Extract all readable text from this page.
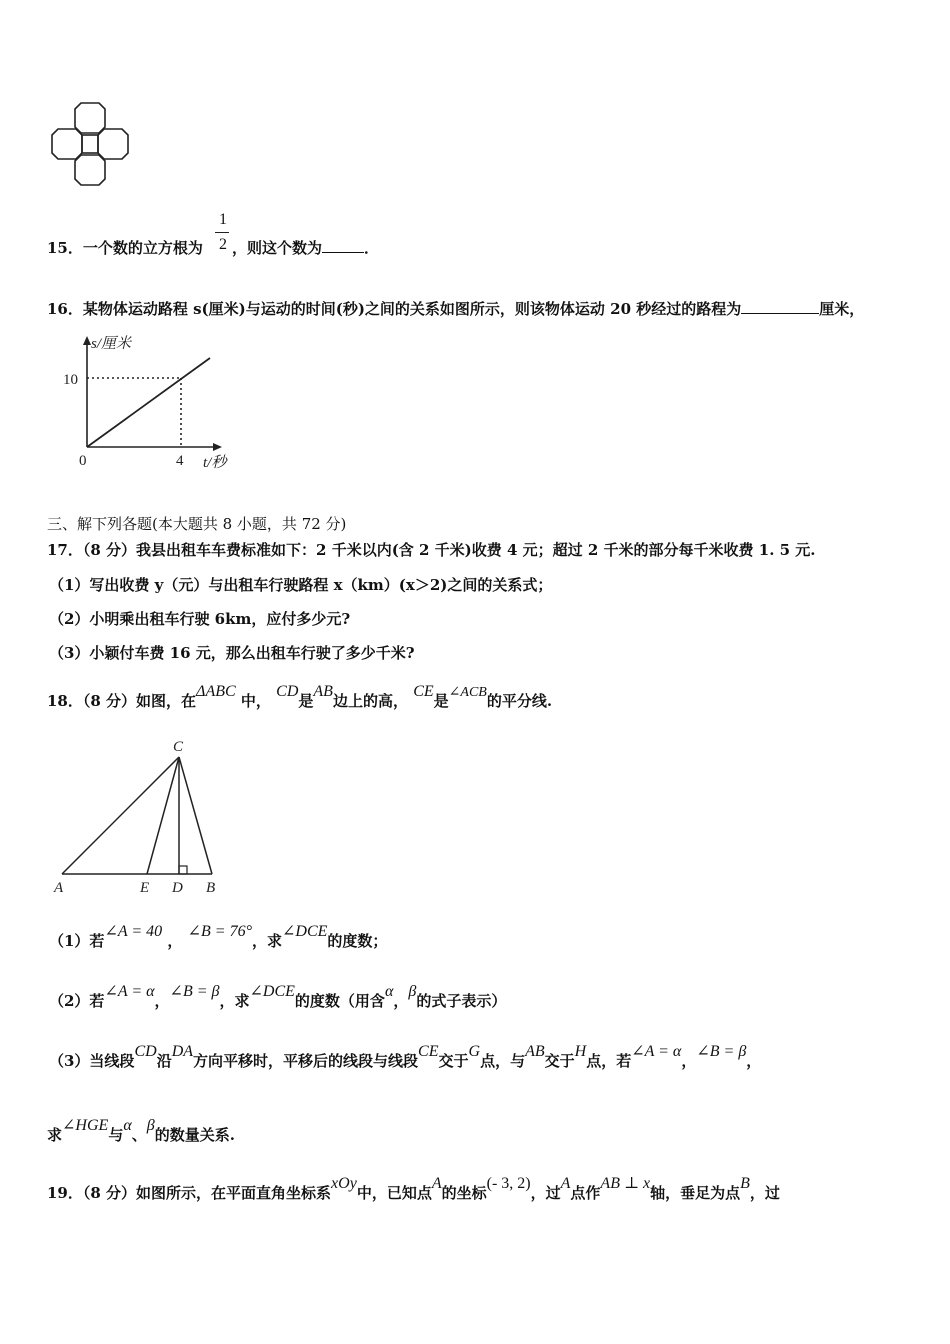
15．一个数的立方根为
1
2 ，则这个数为	．
16．某物体运动路程 s(厘米)与运动的时间(秒)之间的关系如图所示，则该物体运动 20 秒经过的路程为	厘米，
s/厘米
10
0	4 t/秒
三、解下列各题(本大题共 8 小题，共 72 分)
17．（8 分）我县出租车车费标准如下：2 千米以内(含 2 千米)收费 4 元；超过 2 千米的部分每千米收费 1. 5 元.
（1）写出收费 y（元）与出租车行驶路程 x（km）(x＞2)之间的关系式；
（2）小明乘出租车行驶 6km，应付多少元?
（3）小颖付车费 16 元，那么出租车行驶了多少千米?
18．（8 分）如图，在ΔABC 中， CD是AB边上的高， CE是∠ACB的平分线.
C
A	E D B
（1）若∠A = 40 ， ∠B = 76°，求∠DCE的度数；
（2）若∠A = α，∠B = β，求∠DCE的度数（用含α，β的式子表示）
（3）当线段CD沿DA方向平移时，平移后的线段与线段CE交于G点，与AB交于H点，若∠A = α，∠B = β，
求∠HGE与α、β的数量关系.
19．（8 分）如图所示，在平面直角坐标系xOy中，已知点A的坐标(- 3, 2)，过A点作AB ⊥ x轴，垂足为点B，过
